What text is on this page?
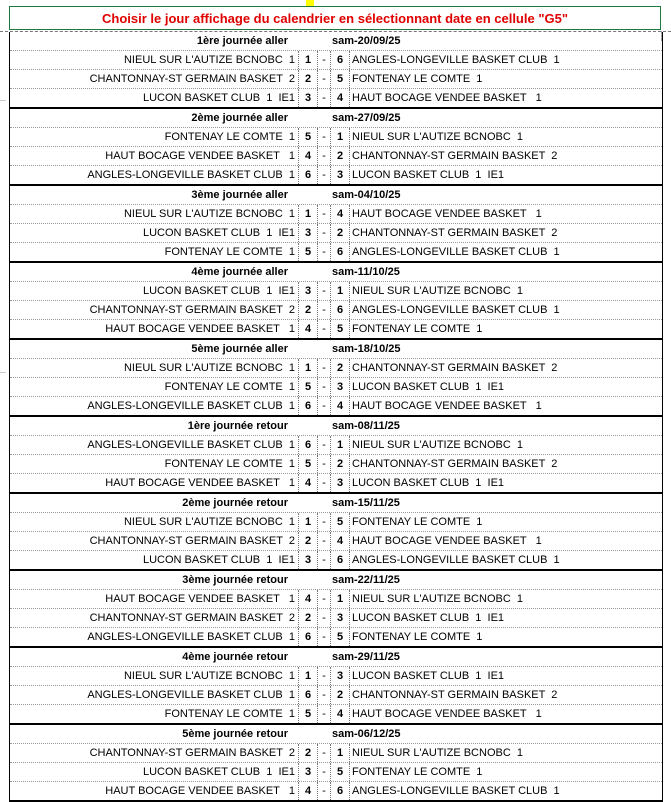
Choisir le jour affichage du calendrier en sélectionnant date en cellule "G5"
1ère journée aller	sam-20/09/25
NIEUL SUR L'AUTIZE BCNOBC  1 1	-	6 ANGLES-LONGEVILLE BASKET CLUB  1
CHANTONNAY-ST GERMAIN BASKET  2 2	-	5 FONTENAY LE COMTE  1
LUCON BASKET CLUB  1  IE1 3	-	4 HAUT BOCAGE VENDEE BASKET   1
2ème journée aller	sam-27/09/25
FONTENAY LE COMTE  1 5	-	1 NIEUL SUR L'AUTIZE BCNOBC  1
HAUT BOCAGE VENDEE BASKET   1 4	-	2 CHANTONNAY-ST GERMAIN BASKET  2
ANGLES-LONGEVILLE BASKET CLUB  1 6	-	3 LUCON BASKET CLUB  1  IE1
3ème journée aller	sam-04/10/25
NIEUL SUR L'AUTIZE BCNOBC  1 1	-	4 HAUT BOCAGE VENDEE BASKET   1
LUCON BASKET CLUB  1  IE1 3	-	2 CHANTONNAY-ST GERMAIN BASKET  2
FONTENAY LE COMTE  1 5	-	6 ANGLES-LONGEVILLE BASKET CLUB  1
4ème journée aller	sam-11/10/25
LUCON BASKET CLUB  1  IE1 3	-	1 NIEUL SUR L'AUTIZE BCNOBC  1
CHANTONNAY-ST GERMAIN BASKET  2 2	-	6 ANGLES-LONGEVILLE BASKET CLUB  1
HAUT BOCAGE VENDEE BASKET   1 4	-	5 FONTENAY LE COMTE  1
5ème journée aller	sam-18/10/25
NIEUL SUR L'AUTIZE BCNOBC  1 1	-	2 CHANTONNAY-ST GERMAIN BASKET  2
FONTENAY LE COMTE  1 5	-	3 LUCON BASKET CLUB  1  IE1
ANGLES-LONGEVILLE BASKET CLUB  1 6	-	4 HAUT BOCAGE VENDEE BASKET   1
1ère journée retour	sam-08/11/25
ANGLES-LONGEVILLE BASKET CLUB  1 6	-	1 NIEUL SUR L'AUTIZE BCNOBC  1
FONTENAY LE COMTE  1 5	-	2 CHANTONNAY-ST GERMAIN BASKET  2
HAUT BOCAGE VENDEE BASKET   1 4	-	3 LUCON BASKET CLUB  1  IE1
2ème journée retour	sam-15/11/25
NIEUL SUR L'AUTIZE BCNOBC  1 1	-	5 FONTENAY LE COMTE  1
CHANTONNAY-ST GERMAIN BASKET  2 2	-	4 HAUT BOCAGE VENDEE BASKET   1
LUCON BASKET CLUB  1  IE1 3	-	6 ANGLES-LONGEVILLE BASKET CLUB  1
3ème journée retour	sam-22/11/25
HAUT BOCAGE VENDEE BASKET   1 4	-	1 NIEUL SUR L'AUTIZE BCNOBC  1
CHANTONNAY-ST GERMAIN BASKET  2 2	-	3 LUCON BASKET CLUB  1  IE1
ANGLES-LONGEVILLE BASKET CLUB  1 6	-	5 FONTENAY LE COMTE  1
4ème journée retour	sam-29/11/25
NIEUL SUR L'AUTIZE BCNOBC  1 1	-	3 LUCON BASKET CLUB  1  IE1
ANGLES-LONGEVILLE BASKET CLUB  1 6	-	2 CHANTONNAY-ST GERMAIN BASKET  2
FONTENAY LE COMTE  1 5	-	4 HAUT BOCAGE VENDEE BASKET   1
5ème journée retour	sam-06/12/25
CHANTONNAY-ST GERMAIN BASKET  2 2	-	1 NIEUL SUR L'AUTIZE BCNOBC  1
LUCON BASKET CLUB  1  IE1 3	-	5 FONTENAY LE COMTE  1
HAUT BOCAGE VENDEE BASKET   1 4	-	6 ANGLES-LONGEVILLE BASKET CLUB  1
